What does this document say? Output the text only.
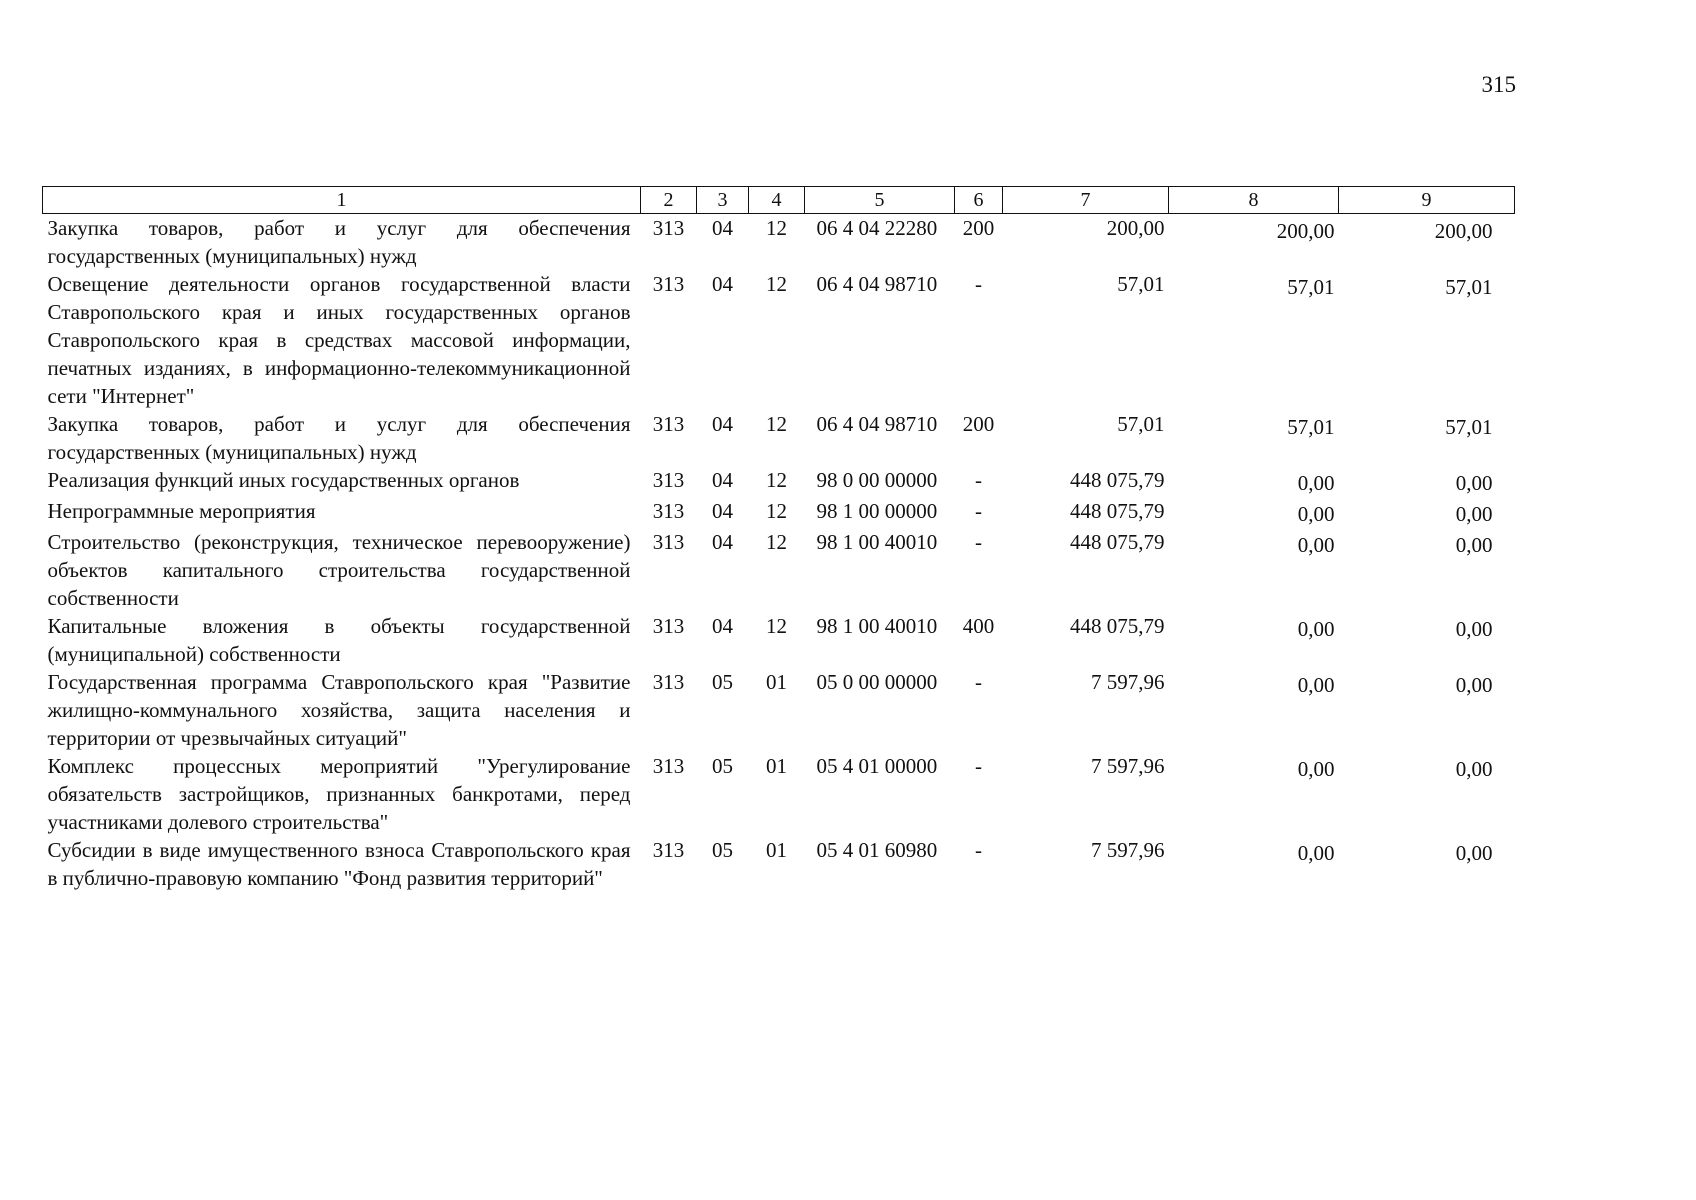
315
1	2	3	4	5	6	7	8	9
Закупка товаров, работ и услуг для обеспечения государственных (муниципальных) нужд	313	04	12	06 4 04 22280	200	200,00	200,00	200,00
Освещение деятельности органов государственной власти Ставропольского края и иных государственных органов Ставропольского края в средствах массовой информации, печатных изданиях, в информационно-телекоммуникационной сети "Интернет"	313	04	12	06 4 04 98710	-	57,01	57,01	57,01
Закупка товаров, работ и услуг для обеспечения государственных (муниципальных) нужд	313	04	12	06 4 04 98710	200	57,01	57,01	57,01
Реализация функций иных государственных органов	313	04	12	98 0 00 00000	-	448 075,79	0,00	0,00
Непрограммные мероприятия	313	04	12	98 1 00 00000	-	448 075,79	0,00	0,00
Строительство (реконструкция, техническое перевооружение) объектов капитального строительства государственной собственности	313	04	12	98 1 00 40010	-	448 075,79	0,00	0,00
Капитальные вложения в объекты государственной (муниципальной) собственности	313	04	12	98 1 00 40010	400	448 075,79	0,00	0,00
Государственная программа Ставропольского края "Развитие жилищно-коммунального хозяйства, защита населения и территории от чрезвычайных ситуаций"	313	05	01	05 0 00 00000	-	7 597,96	0,00	0,00
Комплекс процессных мероприятий "Урегулирование обязательств застройщиков, признанных банкротами, перед участниками долевого строительства"	313	05	01	05 4 01 00000	-	7 597,96	0,00	0,00
Субсидии в виде имущественного взноса Ставропольского края в публично-правовую компанию "Фонд развития территорий"	313	05	01	05 4 01 60980	-	7 597,96	0,00	0,00
